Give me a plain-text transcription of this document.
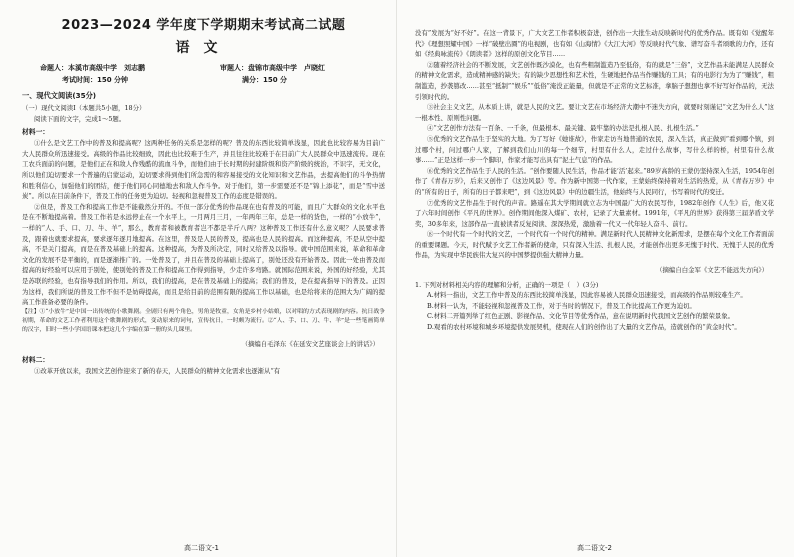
2023—2024 学年度下学期期末考试高二试题
语文
命题人：本溪市高级中学　刘志鹏	审题人：盘锦市高级中学　卢晓红
考试时间：150 分钟	满分：150 分
一、现代文阅读(35分)

（一）现代文阅读Ⅰ（本题共5小题，18分）

阅读下面的文字，完成1～5题。

材料一：

①什么是文艺工作中的普及和提高呢？这两种任务的关系是怎样的呢？普及的东西比较简单浅显，因此也比较容易为目前广大人民群众所迅速接受。高级的作品比较细致，因此也比较难于生产，并且往往比较难于在目前广大人民群众中迅速流传。现在工农兵面前的问题，是他们正在和敌人作残酷的流血斗争，而他们由于长时期的封建阶级和资产阶级的统治，不识字，无文化，所以他们迫切要求一个普遍的启蒙运动，迫切要求得到他们所急需的和容易接受的文化知识和文艺作品，去提高他们的斗争热情和胜利信心，加强他们的团结，便于他们同心同德地去和敌人作斗争。对于他们，第一步需要还不是“锦上添花”，而是“雪中送炭”。所以在目前条件下，普及工作的任务更为迫切。轻视和忽视普及工作的态度是错误的。

②但是，普及工作和提高工作是不能截然分开的。不但一部分优秀的作品现在也有普及的可能，而且广大群众的文化水平也是在不断地提高着。普及工作若是永远停止在一个水平上，一月两月三月，一年两年三年，总是一样的货色，一样的“小放牛”，一样的“人、手、口、刀、牛、羊”，那么，教育者和被教育者岂不都是半斤八两？这种普及工作还有什么意义呢？人民要求普及，跟着也就要求提高，要求逐年逐月地提高。在这里，普及是人民的普及，提高也是人民的提高。而这种提高，不是从空中提高，不是关门提高，而是在普及基础上的提高。这种提高，为普及所决定，同时又给普及以指导。就中国范围来说，革命和革命文化的发展不是平衡的，而是逐渐推广的。一处普及了，并且在普及的基础上提高了，别处还没有开始普及。因此一处由普及而提高的好经验可以应用于别处，使别处的普及工作和提高工作得到指导，少走许多弯路。就国际范围来说，外国的好经验，尤其是苏联的经验，也有指导我们的作用。所以，我们的提高，是在普及基础上的提高；我们的普及，是在提高指导下的普及。正因为这样，我们所说的普及工作不但不是妨碍提高，而且是给目前的范围有限的提高工作以基础，也是给将来的范围大为广阔的提高工作准备必要的条件。

【注】①“小放牛”是中国一出传统的小歌舞剧。全剧只有两个角色，男角是牧童，女角是乡村小姑娘，以对唱的方式表现剧的内容。抗日战争初期，革命的文艺工作者利用这个歌舞剧的形式，变动原来的词句，宣传抗日，一时颇为流行。②“人、手、口、刀、牛、羊”是一些笔画简单的汉字，旧时一些小学国语课本把这几个字编在第一册的头几课里。

（摘编自毛泽东《在延安文艺座谈会上的讲话》）

材料二：

①改革开放以来，我国文艺创作迎来了新的春天，人民群众的精神文化需求也逐渐从“有

高二语文-1

没有”发展为“好不好”。在这一背景下，广大文艺工作者积极奋进，创作出一大批生动反映新时代的优秀作品。既有如《觉醒年代》《理想照耀中国》一样“破壁出圈”的电视剧，也有如《山海情》《大江大河》等反映时代气象、谱写奋斗者颂歌的力作，还有如《经典咏流传》《朗读者》这样的原创文化节目……

②随着经济社会的不断发展，文艺创作既沙漠化，也有些粗制滥造乃至低俗，有的就是“三俗”，文艺作品未能满足人民群众的精神文化需求，造成精神感的缺失；有的缺少思想性和艺术性，生硬地把作品当作赚钱的工具；有的电影行为为了“赚钱”，粗制滥造，抄袭篡改……甚至“抵制”“娱乐”“低俗”淹没正能量，但就是不正常的文艺标准，拿脑子想想也拿不好写好作品的，无法引领时代的。

③社会主义文艺，从本质上讲，就是人民的文艺。要让文艺在市场经济大潮中不迷失方向，就要时刻谨记“文艺为什么人”这一根本性、原则性问题。

④“文艺创作方法有一百条、一千条，但最根本、最关键、最牢靠的办法是扎根人民、扎根生活。”

⑤优秀的文艺作品生于坚实的大地。为了写好《她谁故》，作家走访当地普通的农民，深入生活，真正做到“看到哪个镇，到过哪个村，问过哪户人家，了解到我们山川的每一个细节，村里有什么人，走过什么故事，写什么样的桥，村里有什么故事……”正是这样一步一个脚印，作家才能写出具有“泥土气息”的作品。

⑥优秀的文艺作品生于人民的生活。“创作要随人民生活，作品才能‘活’起来。”89岁高龄的王蒙仍坚持深入生活，1954年创作了《青春万岁》，后来又创作了《这边风景》等。作为新中国第一代作家，王蒙始终保持着对生活的热爱，从《青春万岁》中的“所有的日子，所有的日子都来吧”，到《这边风景》中的边疆生活，他始终与人民同行，书写着时代的变迁。

⑦优秀的文艺作品生于时代的声音。路遥在其大学期间就立志为中国最广大的农民写作，1982年创作《人生》后，他又花了六年时间创作《平凡的世界》。创作期间他深入煤矿、农村，记录了大量素材。1991年，《平凡的世界》获得第三届茅盾文学奖，30多年来，这部作品一直被读者反复阅读、深深热爱，激励着一代又一代年轻人奋斗、前行。

⑧一个时代有一个时代的文艺，一个时代有一个时代的精神。满足新时代人民精神文化新需求，是摆在每个文化工作者面前的重要课题。今天，时代赋予文艺工作者新的使命，只有深入生活、扎根人民，才能创作出更多无愧于时代、无愧于人民的优秀作品，为实现中华民族伟大复兴的中国梦提供强大精神力量。

（摘编自白金军《文艺不能远失方向》）

1. 下列对材料相关内容的理解和分析，正确的一项是（　）(3分)

A.材料一指出，文艺工作中普及的东西比较简单浅显，因此容易被人民群众迅速接受，而高级的作品则较难生产。

B.材料一认为，不能轻视和忽视普及工作，对于当时的情况下，普及工作比提高工作更为迫切。

C.材料二开篇列举了红色正剧、影视作品、文化节目等优秀作品，意在说明新时代我国文艺创作的繁荣景象。

D.观看的农村环境和城乡环境提供发展契机，使现在人们的创作出了大量的文艺作品，造就创作的“黄金时代”。

高二语文-2
